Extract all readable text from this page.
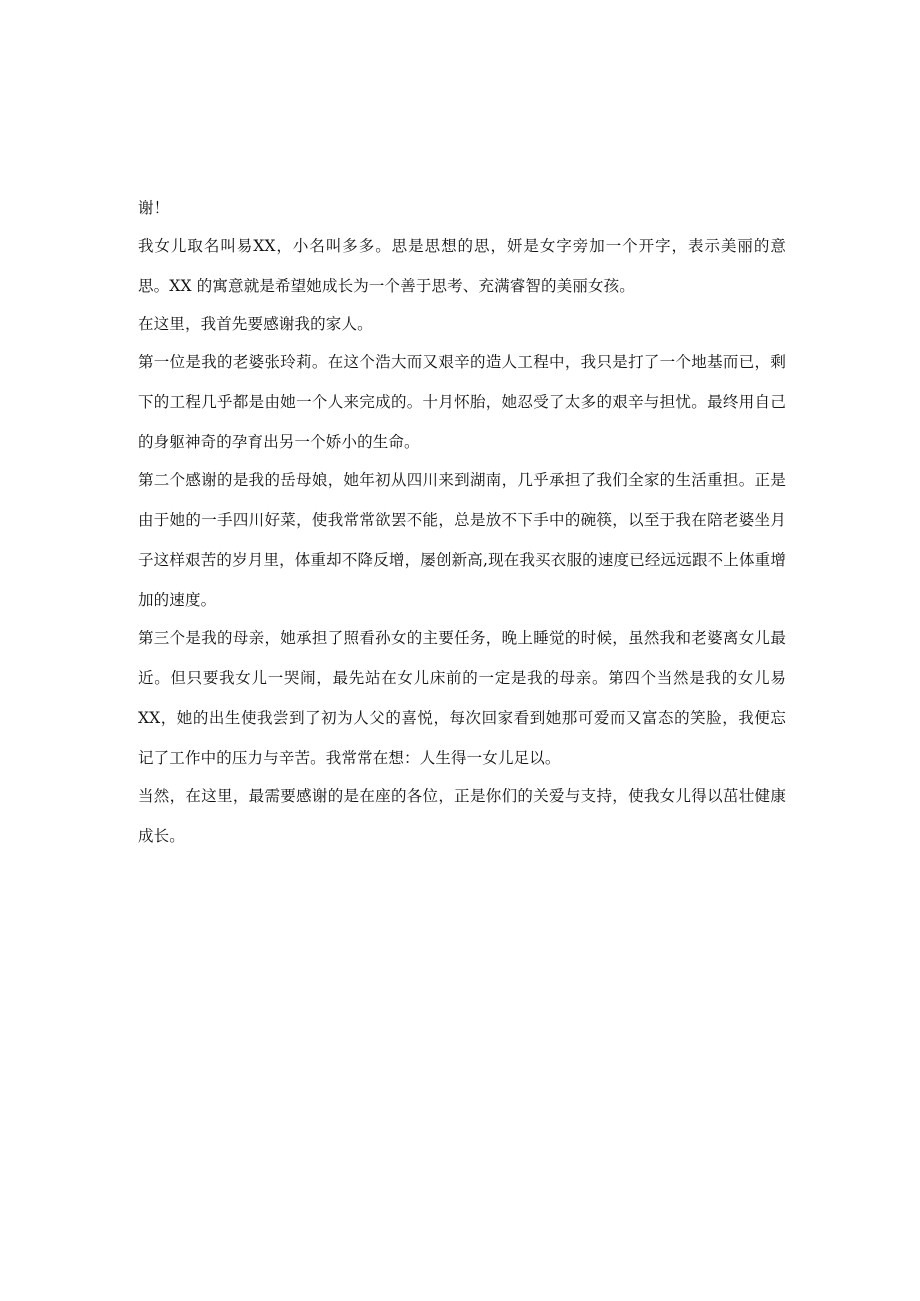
谢！

我女儿取名叫易XX，小名叫多多。思是思想的思，妍是女字旁加一个开字，表示美丽的意思。XX 的寓意就是希望她成长为一个善于思考、充满睿智的美丽女孩。

在这里，我首先要感谢我的家人。

第一位是我的老婆张玲莉。在这个浩大而又艰辛的造人工程中，我只是打了一个地基而已，剩下的工程几乎都是由她一个人来完成的。十月怀胎，她忍受了太多的艰辛与担忧。最终用自己的身躯神奇的孕育出另一个娇小的生命。

第二个感谢的是我的岳母娘，她年初从四川来到湖南，几乎承担了我们全家的生活重担。正是由于她的一手四川好菜，使我常常欲罢不能，总是放不下手中的碗筷，以至于我在陪老婆坐月子这样艰苦的岁月里，体重却不降反增，屡创新高,现在我买衣服的速度已经远远跟不上体重增加的速度。

第三个是我的母亲，她承担了照看孙女的主要任务，晚上睡觉的时候，虽然我和老婆离女儿最近。但只要我女儿一哭闹，最先站在女儿床前的一定是我的母亲。第四个当然是我的女儿易XX，她的出生使我尝到了初为人父的喜悦，每次回家看到她那可爱而又富态的笑脸，我便忘记了工作中的压力与辛苦。我常常在想：人生得一女儿足以。

当然，在这里，最需要感谢的是在座的各位，正是你们的关爱与支持，使我女儿得以茁壮健康成长。
